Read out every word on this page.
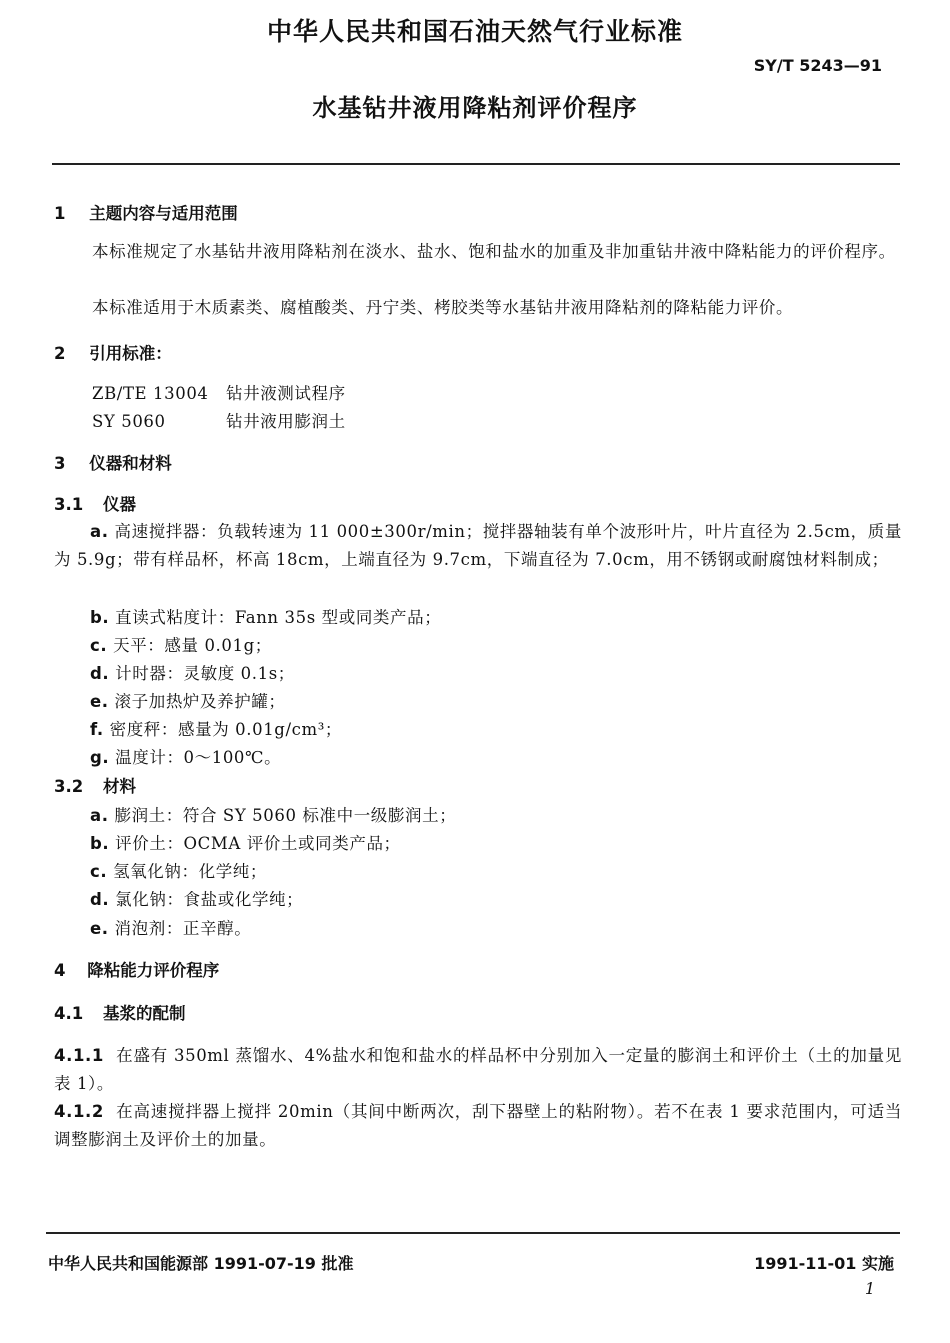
中华人民共和国石油天然气行业标准
SY/T 5243—91
水基钻井液用降粘剂评价程序
1 主题内容与适用范围
本标准规定了水基钻井液用降粘剂在淡水、盐水、饱和盐水的加重及非加重钻井液中降粘能力的评价程序。
本标准适用于木质素类、腐植酸类、丹宁类、栲胶类等水基钻井液用降粘剂的降粘能力评价。
2 引用标准：
ZB/TE 13004 钻井液测试程序
SY 5060	钻井液用膨润土
3 仪器和材料
3.1 仪器
a. 高速搅拌器：负载转速为 11 000±300r/min；搅拌器轴装有单个波形叶片，叶片直径为 2.5cm，质量为 5.9g；带有样品杯，杯高 18cm，上端直径为 9.7cm，下端直径为 7.0cm，用不锈钢或耐腐蚀材料制成；
b. 直读式粘度计：Fann 35s 型或同类产品；
c. 天平：感量 0.01g；
d. 计时器：灵敏度 0.1s；
e. 滚子加热炉及养护罐；
f. 密度秤：感量为 0.01g/cm³；
g. 温度计：0～100℃。
3.2 材料
a. 膨润土：符合 SY 5060 标准中一级膨润土；
b. 评价土：OCMA 评价土或同类产品；
c. 氢氧化钠：化学纯；
d. 氯化钠：食盐或化学纯；
e. 消泡剂：正辛醇。
4 降粘能力评价程序
4.1 基浆的配制
4.1.1 在盛有 350ml 蒸馏水、4%盐水和饱和盐水的样品杯中分别加入一定量的膨润土和评价土（土的加量见表 1）。
4.1.2 在高速搅拌器上搅拌 20min（其间中断两次，刮下器壁上的粘附物）。若不在表 1 要求范围内，可适当调整膨润土及评价土的加量。
中华人民共和国能源部 1991-07-19 批准	1991-11-01 实施
1
